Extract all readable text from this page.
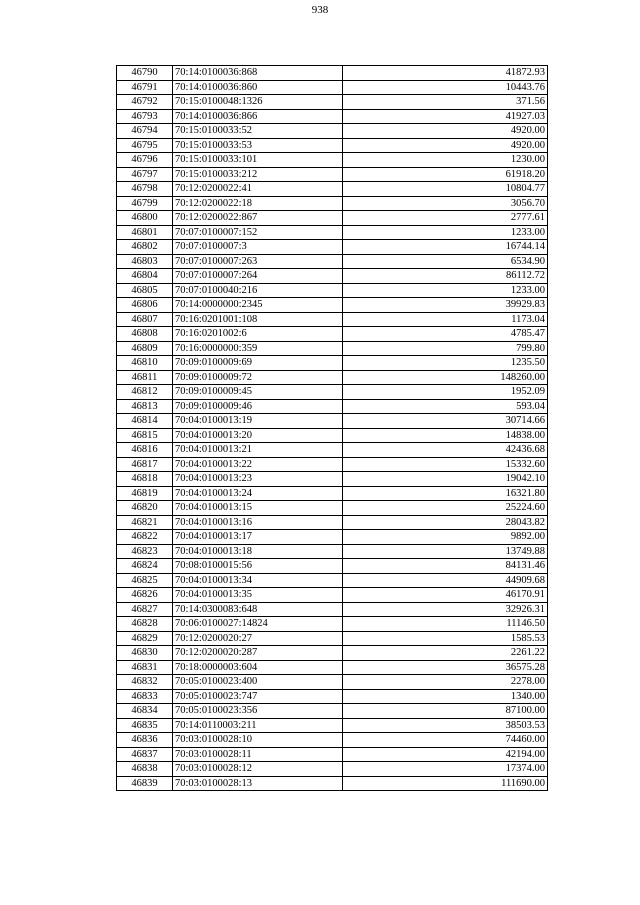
938
46790	70:14:0100036:868	41872.93
46791	70:14:0100036:860	10443.76
46792	70:15:0100048:1326	371.56
46793	70:14:0100036:866	41927.03
46794	70:15:0100033:52	4920.00
46795	70:15:0100033:53	4920.00
46796	70:15:0100033:101	1230.00
46797	70:15:0100033:212	61918.20
46798	70:12:0200022:41	10804.77
46799	70:12:0200022:18	3056.70
46800	70:12:0200022:867	2777.61
46801	70:07:0100007:152	1233.00
46802	70:07:0100007:3	16744.14
46803	70:07:0100007:263	6534.90
46804	70:07:0100007:264	86112.72
46805	70:07:0100040:216	1233.00
46806	70:14:0000000:2345	39929.83
46807	70:16:0201001:108	1173.04
46808	70:16:0201002:6	4785.47
46809	70:16:0000000:359	799.80
46810	70:09:0100009:69	1235.50
46811	70:09:0100009:72	148260.00
46812	70:09:0100009:45	1952.09
46813	70:09:0100009:46	593.04
46814	70:04:0100013:19	30714.66
46815	70:04:0100013:20	14838.00
46816	70:04:0100013:21	42436.68
46817	70:04:0100013:22	15332.60
46818	70:04:0100013:23	19042.10
46819	70:04:0100013:24	16321.80
46820	70:04:0100013:15	25224.60
46821	70:04:0100013:16	28043.82
46822	70:04:0100013:17	9892.00
46823	70:04:0100013:18	13749.88
46824	70:08:0100015:56	84131.46
46825	70:04:0100013:34	44909.68
46826	70:04:0100013:35	46170.91
46827	70:14:0300083:648	32926.31
46828	70:06:0100027:14824	11146.50
46829	70:12:0200020:27	1585.53
46830	70:12:0200020:287	2261.22
46831	70:18:0000003:604	36575.28
46832	70:05:0100023:400	2278.00
46833	70:05:0100023:747	1340.00
46834	70:05:0100023:356	87100.00
46835	70:14:0110003:211	38503.53
46836	70:03:0100028:10	74460.00
46837	70:03:0100028:11	42194.00
46838	70:03:0100028:12	17374.00
46839	70:03:0100028:13	111690.00
